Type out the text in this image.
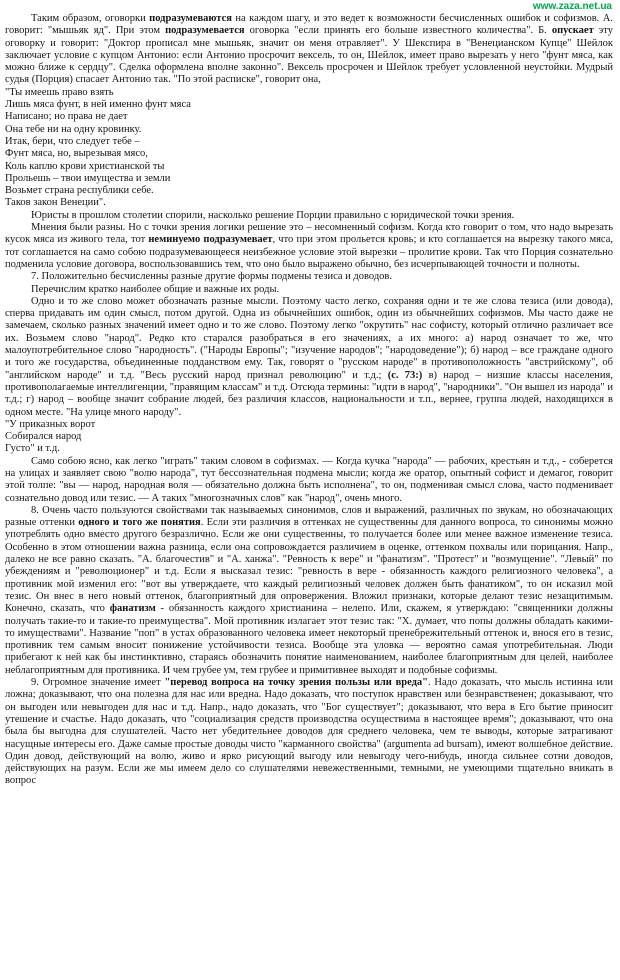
www.zaza.net.ua

Таким образом, оговорки подразумеваются на каждом шагу, и это ведет к возможности бесчисленных ошибок и софизмов. А. говорит: "мышьяк яд". При этом подразумевается оговорка "если принять его больше известного количества". Б. опускает эту оговорку и говорит: "Доктор прописал мне мышьяк, значит он меня отравляет". У Шекспира в "Венецианском Купце" Шейлок заключает условие с купцом Антонио: если Антонио просрочит вексель, то он, Шейлок, имеет право вырезать у него "фунт мяса, как можно ближе к сердцу". Сделка оформлена вполне законно". Вексель просрочен и Шейлок требует условленной неустойки. Мудрый судья (Порция) спасает Антонио так. "По этой расписке", говорит она,

"Ты имеешь право взять
Лишь мяса фунт, в ней именно фунт мяса
Написано; но права не дает
Она тебе ни на одну кровинку.
Итак, бери, что следует тебе –
Фунт мяса, но, вырезывая мясо,
Коль каплю крови христианской ты
Прольешь – твои имущества и земли
Возьмет страна республики себе.
Таков закон Венеции".

Юристы в прошлом столетии спорили, насколько решение Порции правильно с юридической точки зрения.

Мнения были разны. Но с точки зрения логики решение это – несомненный софизм. Когда кто говорит о том, что надо вырезать кусок мяса из живого тела, тот неминуемо подразумевает, что при этом прольется кровь; и кто соглашается на вырезку такого мяса, тот соглашается на само собою подразумевающееся неизбежное условие этой вырезки – пролитие крови. Так что Порция сознательно подменила условие договора, воспользовавшись тем, что оно было выражено обычно, без исчерпывающей точности и полноты.

7. Положительно бесчисленны разные другие формы подмены тезиса и доводов.

Перечислим кратко наиболее общие и важные их роды.

Одно и то же слово может обозначать разные мысли. Поэтому часто легко, сохраняя одни и те же слова тезиса (или довода), сперва придавать им один смысл, потом другой. Одна из обычнейших ошибок, один из обычнейших софизмов. Мы часто даже не замечаем, сколько разных значений имеет одно и то же слово. Поэтому легко "окрутить" нас софисту, который отлично различает все их. Возьмем слово "народ". Редко кто старался разобраться в его значениях, а их много: а) народ означает то же, что малоупотребительное слово "народность". ("Народы Европы"; "изучение народов"; "народоведение"); б) народ – все граждане одного и того же государства, объединенные подданством ему. Так, говорят о "русском народе" в противоположность "австрийскому", об "английском народе" и т.д. "Весь русский народ признал революцию" и т.д.; (с. 73:) в) народ – низшие классы населения, противополагаемые интеллигенции, "правящим классам" и т.д. Отсюда термины: "идти в народ", "народники". "Он вышел из народа" и т.д.; г) народ – вообще значит собрание людей, без различия классов, национальности и т.п., вернее, группа людей, находящихся в одном месте. "На улице много народу".

"У приказных ворот
Собирался народ
Густо" и т.д.

Само собою ясно, как легко "играть" таким словом в софизмах. — Когда кучка "народа" — рабочих, крестьян и т.д., - соберется на улицах и заявляет свою "волю народа", тут бессознательная подмена мысли; когда же оратор, опытный софист и демагог, говорит этой толпе: "вы — народ, народная воля — обязательно должна быть исполнена", то он, подменивая смысл слова, часто подменивает сознательно довод или тезис. — А таких "многозначных слов" как "народ", очень много.

8. Очень часто пользуются свойствами так называемых синонимов, слов и выражений, различных по звукам, но обозначающих разные оттенки одного и того же понятия. Если эти различия в оттенках не существенны для данного вопроса, то синонимы можно употреблять одно вместо другого безразлично. Если же они существенны, то получается более или менее важное изменение тезиса. Особенно в этом отношении важна разница, если она сопровождается различием в оценке, оттенком похвалы или порицания. Напр., далеко не все равно сказать. "А. благочестив" и "А. ханжа". "Ревность к вере" и "фанатизм". "Протест" и "возмущение". "Левый" по убеждениям и "революционер" и т.д. Если я высказал тезис: "ревность в вере - обязанность каждого религиозного человека", а противник мой изменил его: "вот вы утверждаете, что каждый религиозный человек должен быть фанатиком", то он исказил мой тезис. Он внес в него новый оттенок, благоприятный для опровержения. Вложил признаки, которые делают тезис незащитимым. Конечно, сказать, что фанатизм - обязанность каждого христианина – нелепо. Или, скажем, я утверждаю: "священники должны получать такие-то и такие-то преимущества". Мой противник излагает этот тезис так: "Х. думает, что попы должны обладать какими-то имуществами". Название "поп" в устах образованного человека имеет некоторый пренебрежительный оттенок и, внося его в тезис, противник тем самым вносит понижение устойчивости тезиса. Вообще эта уловка — вероятно самая употребительная. Люди прибегают к ней как бы инстинктивно, стараясь обозначить понятие наименованием, наиболее благоприятным для целей, наиболее неблагоприятным для противника. И чем грубее ум, тем грубее и примитивнее выходят и подобные софизмы.

9. Огромное значение имеет "перевод вопроса на точку зрения пользы или вреда". Надо доказать, что мысль истинна или ложна; доказывают, что она полезна для нас или вредна. Надо доказать, что поступок нравствен или безнравственен; доказывают, что он выгоден или невыгоден для нас и т.д. Напр., надо доказать, что "Бог существует"; доказывают, что вера в Его бытие приносит утешение и счастье. Надо доказать, что "социализация средств производства осуществима в настоящее время"; доказывают, что она была бы выгодна для слушателей. Часто нет убедительнее доводов для среднего человека, чем те выводы, которые затрагивают насущные интересы его. Даже самые простые доводы чисто "карманного свойства" (argumenta ad bursam), имеют волшебное действие. Один довод, действующий на волю, живо и ярко рисующий выгоду или невыгоду чего-нибудь, иногда сильнее сотни доводов, действующих на разум. Если же мы имеем дело со слушателями невежественными, темными, не умеющими тщательно вникать в вопрос
